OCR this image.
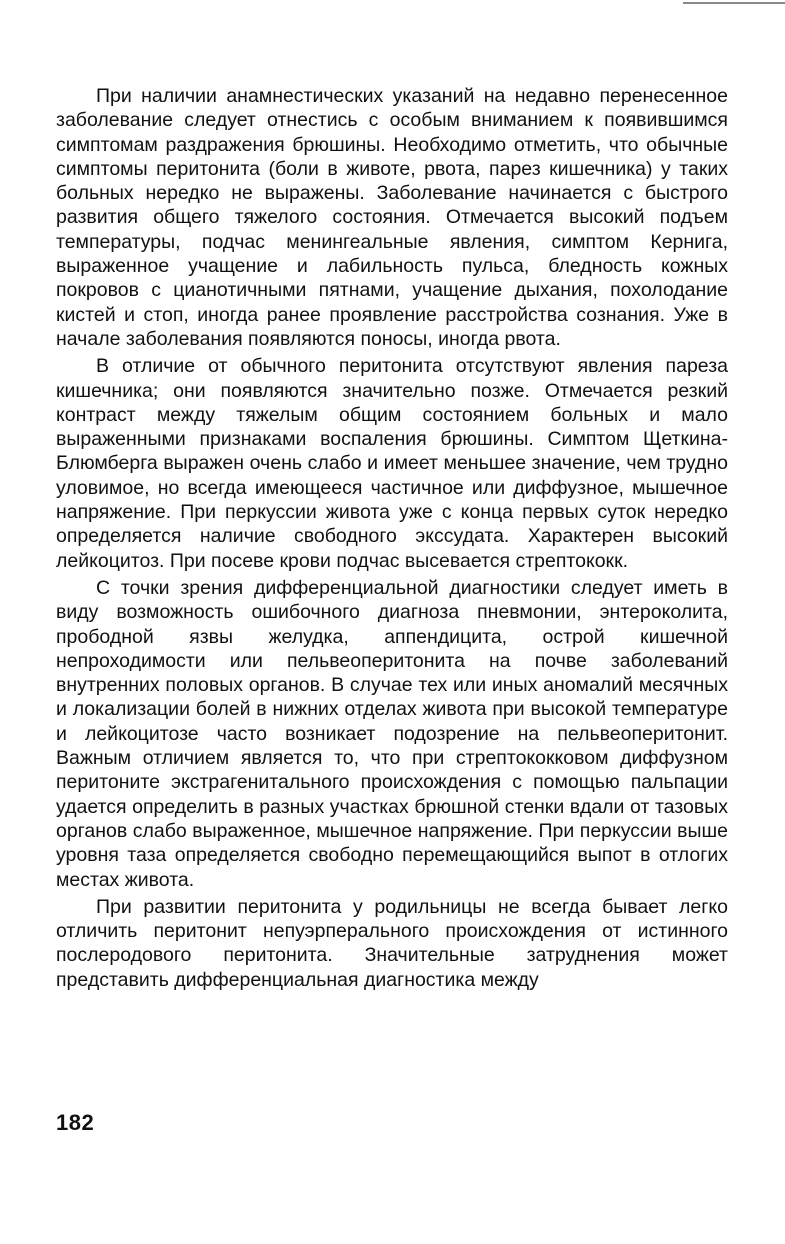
При наличии анамнестических указаний на недавно перенесенное заболевание следует отнестись с особым вниманием к появившимся симптомам раздражения брюшины. Необходимо отметить, что обычные симптомы перитонита (боли в животе, рвота, парез кишечника) у таких больных нередко не выражены. Заболевание начинается с быстрого развития общего тяжелого состояния. Отмечается высокий подъем температуры, подчас менингеальные явления, симптом Кернига, выраженное учащение и лабильность пульса, бледность кожных покровов с цианотичными пятнами, учащение дыхания, похолодание кистей и стоп, иногда ранее проявление расстройства сознания. Уже в начале заболевания появляются поносы, иногда рвота.

В отличие от обычного перитонита отсутствуют явления пареза кишечника; они появляются значительно позже. Отмечается резкий контраст между тяжелым общим состоянием больных и мало выраженными признаками воспаления брюшины. Симптом Щеткина-Блюмберга выражен очень слабо и имеет меньшее значение, чем трудно уловимое, но всегда имеющееся частичное или диффузное, мышечное напряжение. При перкуссии живота уже с конца первых суток нередко определяется наличие свободного экссудата. Характерен высокий лейкоцитоз. При посеве крови подчас высевается стрептококк.

С точки зрения дифференциальной диагностики следует иметь в виду возможность ошибочного диагноза пневмонии, энтероколита, прободной язвы желудка, аппендицита, острой кишечной непроходимости или пельвеоперитонита на почве заболеваний внутренних половых органов. В случае тех или иных аномалий месячных и локализации болей в нижних отделах живота при высокой температуре и лейкоцитозе часто возникает подозрение на пельвеоперитонит. Важным отличием является то, что при стрептококковом диффузном перитоните экстрагенитального происхождения с помощью пальпации удается определить в разных участках брюшной стенки вдали от тазовых органов слабо выраженное, мышечное напряжение. При перкуссии выше уровня таза определяется свободно перемещающийся выпот в отлогих местах живота.

При развитии перитонита у родильницы не всегда бывает легко отличить перитонит непуэрперального происхождения от истинного послеродового перитонита. Значительные затруднения может представить дифференциальная диагностика между

182
